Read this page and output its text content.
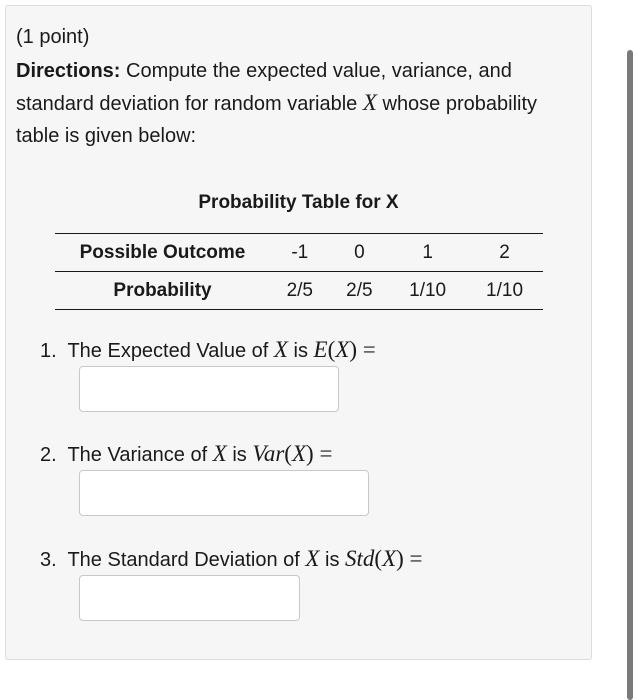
(1 point)
Directions: Compute the expected value, variance, and standard deviation for random variable X whose probability table is given below:
Probability Table for X
Possible Outcome	-1	0	1	2
Probability	2/5	2/5	1/10	1/10
1. The Expected Value of X is E(X) =
2. The Variance of X is Var(X) =
3. The Standard Deviation of X is Std(X) =
